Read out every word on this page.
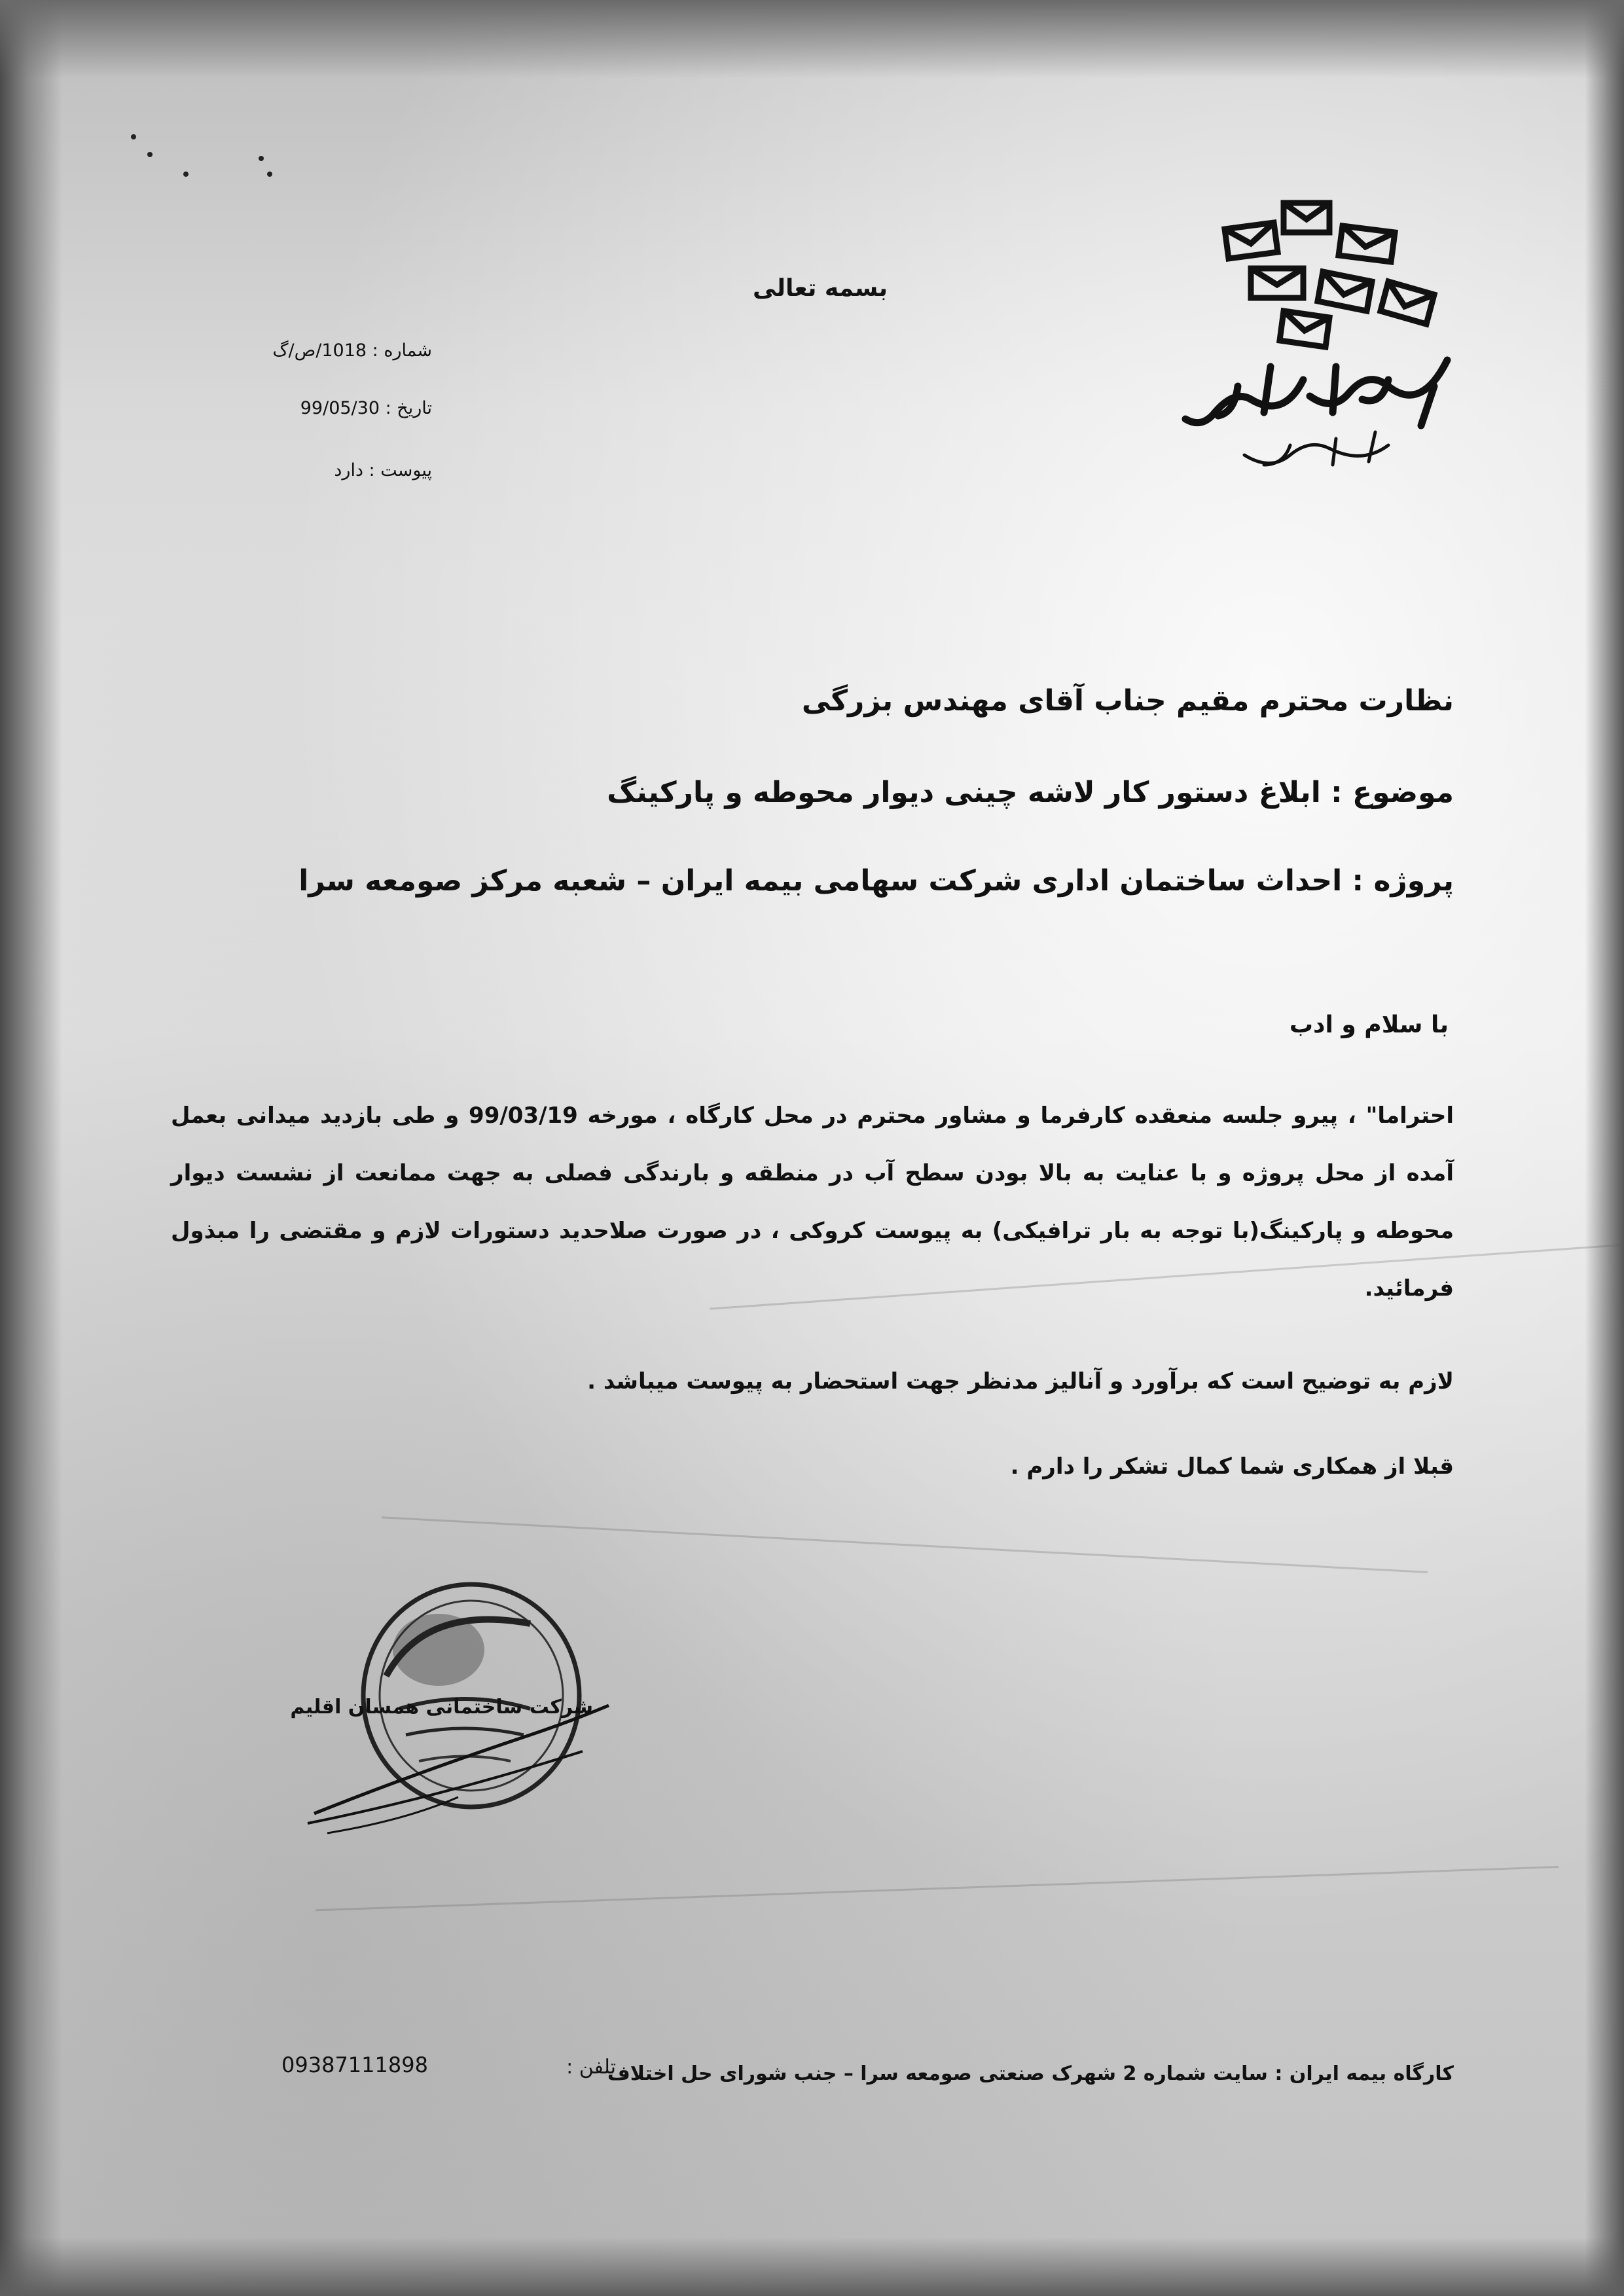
بسمه تعالی
شماره : 1018/ص/گ
تاریخ : 99/05/30
پیوست : دارد
نظارت محترم مقیم جناب آقای مهندس بزرگی
موضوع : ابلاغ دستور کار لاشه چینی دیوار محوطه و پارکینگ
پروژه : احداث ساختمان اداری شرکت سهامی بیمه ایران – شعبه مرکز صومعه سرا
با سلام و ادب
احتراما" ، پیرو جلسه منعقده کارفرما و مشاور محترم در محل کارگاه ، مورخه 99/03/19 و طی بازدید میدانی بعمل آمده از محل پروژه و با عنایت به بالا بودن سطح آب در منطقه و بارندگی فصلی به جهت ممانعت از نشست دیوار محوطه و پارکینگ(با توجه به بار ترافیکی) به پیوست کروکی ، در صورت صلاحدید دستورات لازم و مقتضی را مبذول فرمائید.
لازم به توضیح است که برآورد و آنالیز مدنظر جهت استحضار به پیوست میباشد .
قبلا از همکاری شما کمال تشکر را دارم .
شرکت ساختمانی همسان اقلیم
کارگاه بیمه ایران : سایت شماره 2 شهرک صنعتی صومعه سرا – جنب شورای حل اختلاف
تلفن :
09387111898
